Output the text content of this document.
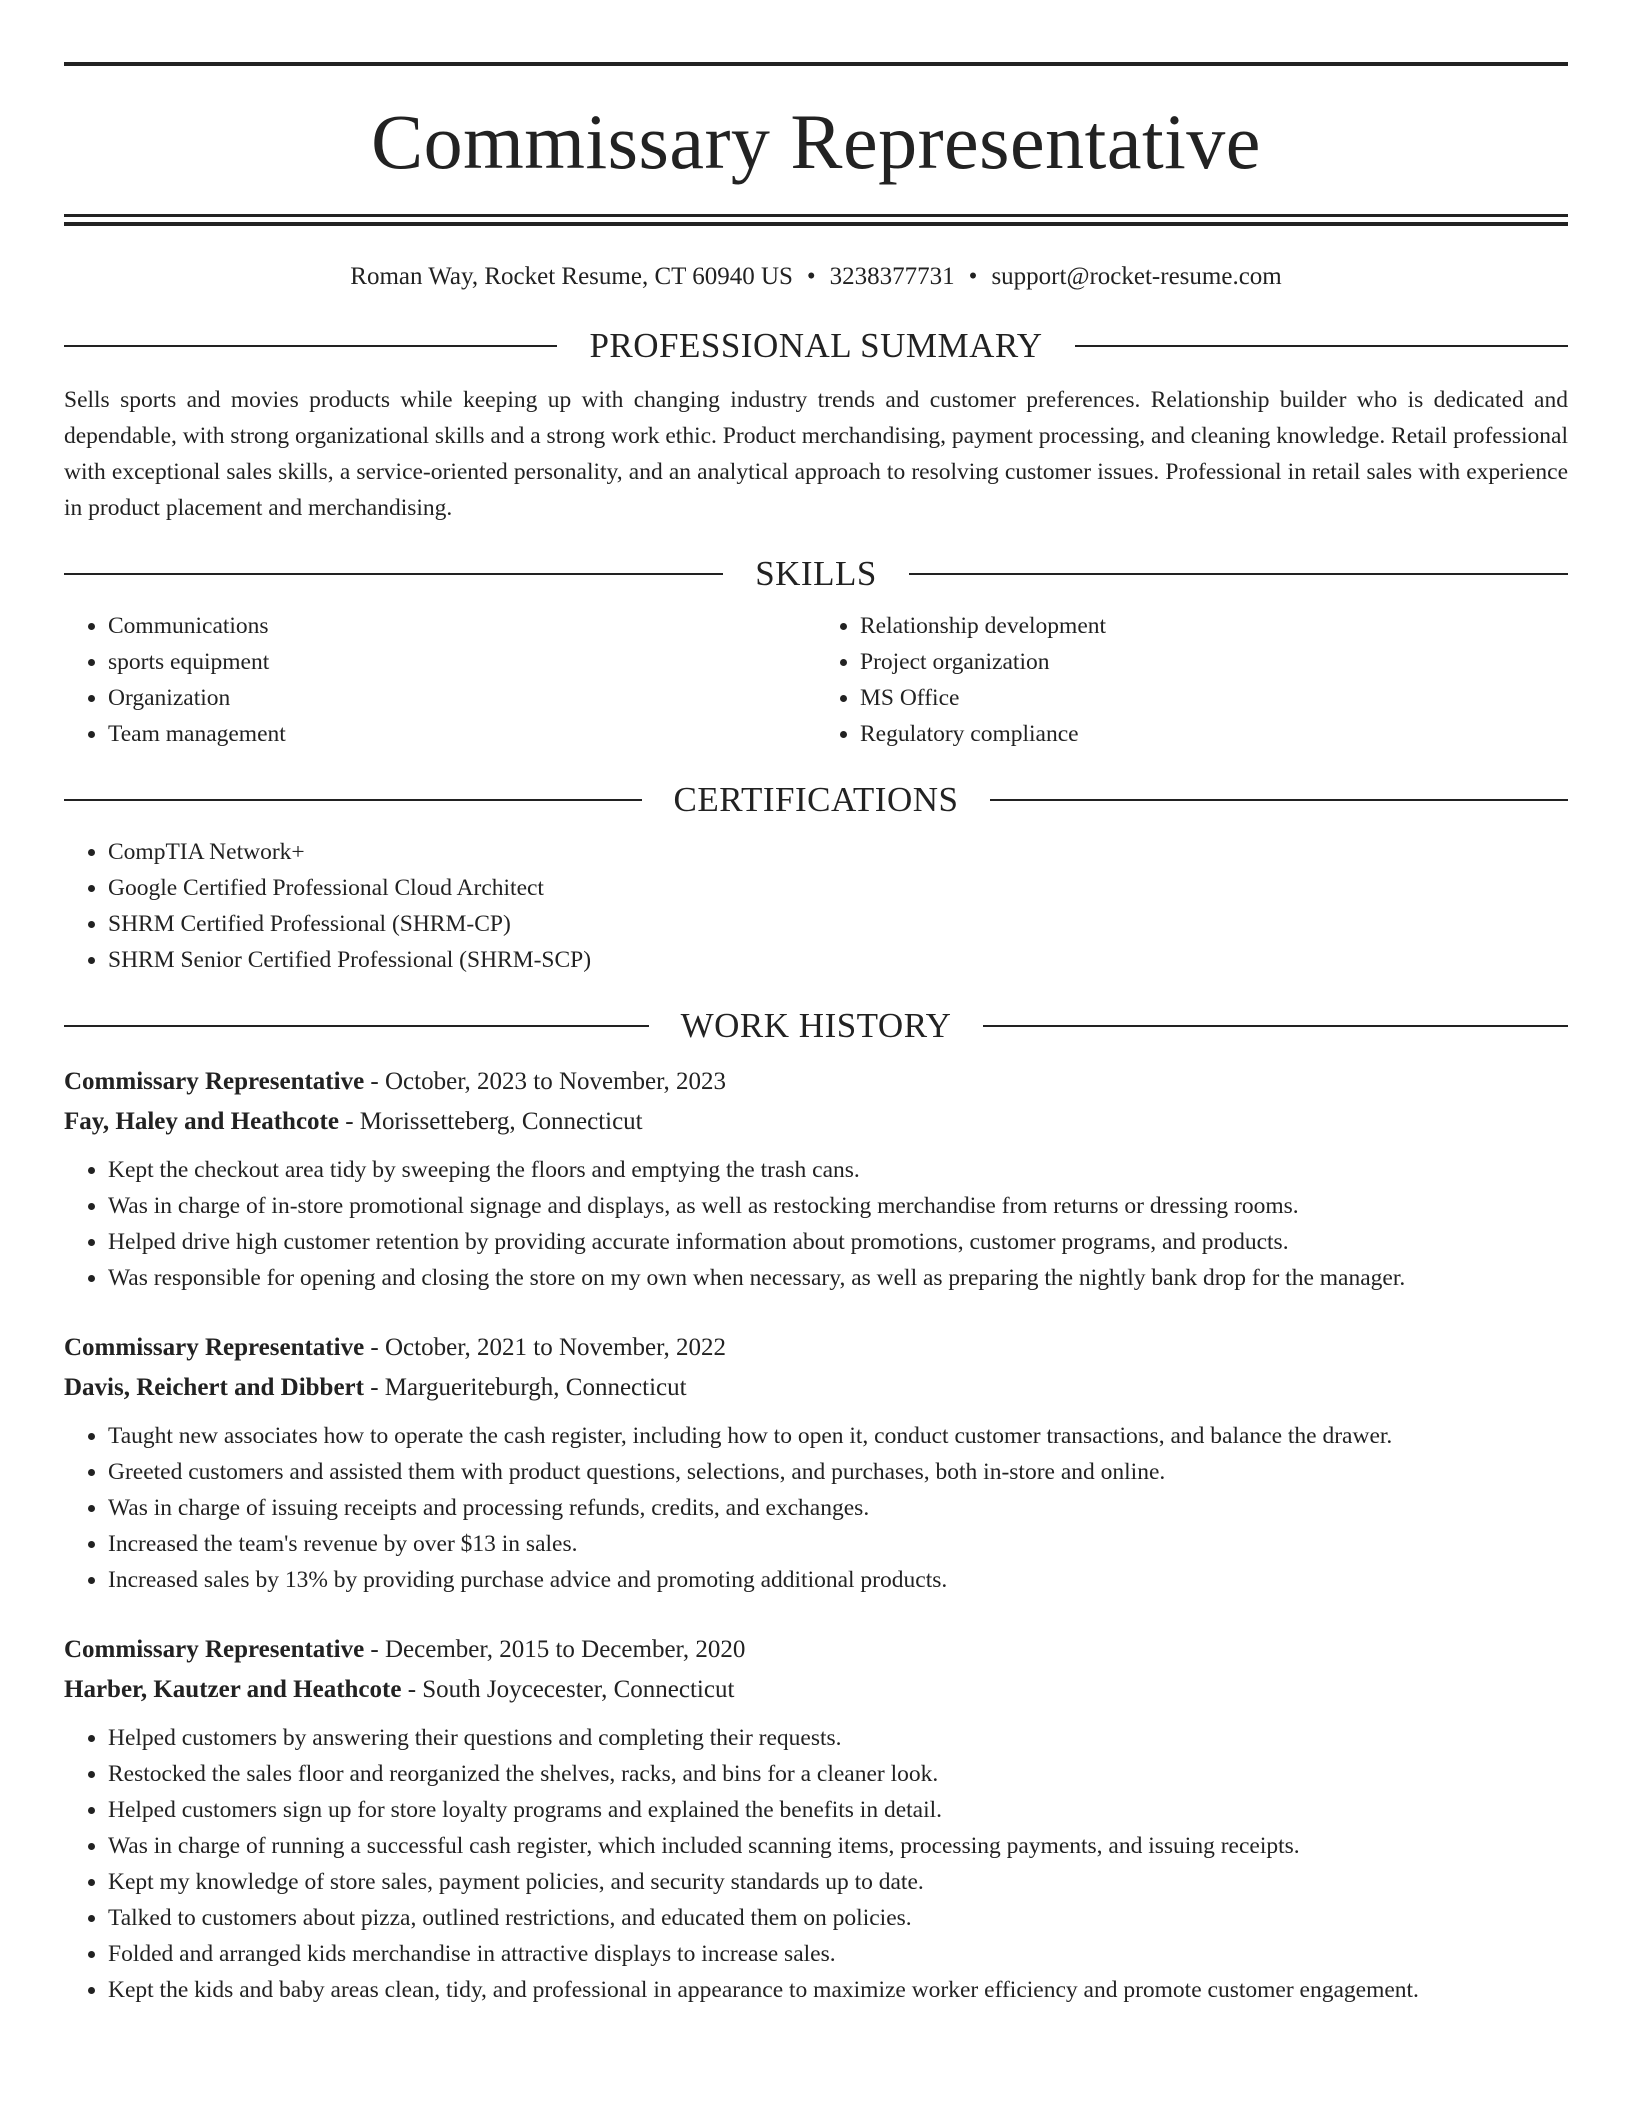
Commissary Representative
Roman Way, Rocket Resume, CT 60940 US • 3238377731 • support@rocket-resume.com
PROFESSIONAL SUMMARY

Sells sports and movies products while keeping up with changing industry trends and customer preferences. Relationship builder who is dedicated and dependable, with strong organizational skills and a strong work ethic. Product merchandising, payment processing, and cleaning knowledge. Retail professional with exceptional sales skills, a service-oriented personality, and an analytical approach to resolving customer issues. Professional in retail sales with experience in product placement and merchandising.

SKILLS
• Communications
• sports equipment
• Organization
• Team management
• Relationship development
• Project organization
• MS Office
• Regulatory compliance
CERTIFICATIONS
• CompTIA Network+
• Google Certified Professional Cloud Architect
• SHRM Certified Professional (SHRM-CP)
• SHRM Senior Certified Professional (SHRM-SCP)
WORK HISTORY
Commissary Representative - October, 2023 to November, 2023
Fay, Haley and Heathcote - Morissetteberg, Connecticut
• Kept the checkout area tidy by sweeping the floors and emptying the trash cans.
• Was in charge of in-store promotional signage and displays, as well as restocking merchandise from returns or dressing rooms.
• Helped drive high customer retention by providing accurate information about promotions, customer programs, and products.
• Was responsible for opening and closing the store on my own when necessary, as well as preparing the nightly bank drop for the manager.
Commissary Representative - October, 2021 to November, 2022
Davis, Reichert and Dibbert - Margueriteburgh, Connecticut
• Taught new associates how to operate the cash register, including how to open it, conduct customer transactions, and balance the drawer.
• Greeted customers and assisted them with product questions, selections, and purchases, both in-store and online.
• Was in charge of issuing receipts and processing refunds, credits, and exchanges.
• Increased the team's revenue by over $13 in sales.
• Increased sales by 13% by providing purchase advice and promoting additional products.
Commissary Representative - December, 2015 to December, 2020
Harber, Kautzer and Heathcote - South Joycecester, Connecticut
• Helped customers by answering their questions and completing their requests.
• Restocked the sales floor and reorganized the shelves, racks, and bins for a cleaner look.
• Helped customers sign up for store loyalty programs and explained the benefits in detail.
• Was in charge of running a successful cash register, which included scanning items, processing payments, and issuing receipts.
• Kept my knowledge of store sales, payment policies, and security standards up to date.
• Talked to customers about pizza, outlined restrictions, and educated them on policies.
• Folded and arranged kids merchandise in attractive displays to increase sales.
• Kept the kids and baby areas clean, tidy, and professional in appearance to maximize worker efficiency and promote customer engagement.
